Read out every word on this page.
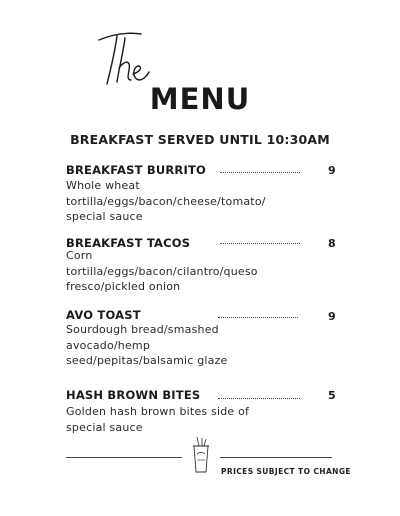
MENU
BREAKFAST SERVED UNTIL 10:30AM
BREAKFAST BURRITO	9
Whole wheat
tortilla/eggs/bacon/cheese/tomato/
special sauce
BREAKFAST TACOS	8
Corn
tortilla/eggs/bacon/cilantro/queso
fresco/pickled onion
AVO TOAST	9
Sourdough bread/smashed
avocado/hemp
seed/pepitas/balsamic glaze
HASH BROWN BITES	5
Golden hash brown bites side of
special sauce
PRICES SUBJECT TO CHANGE
